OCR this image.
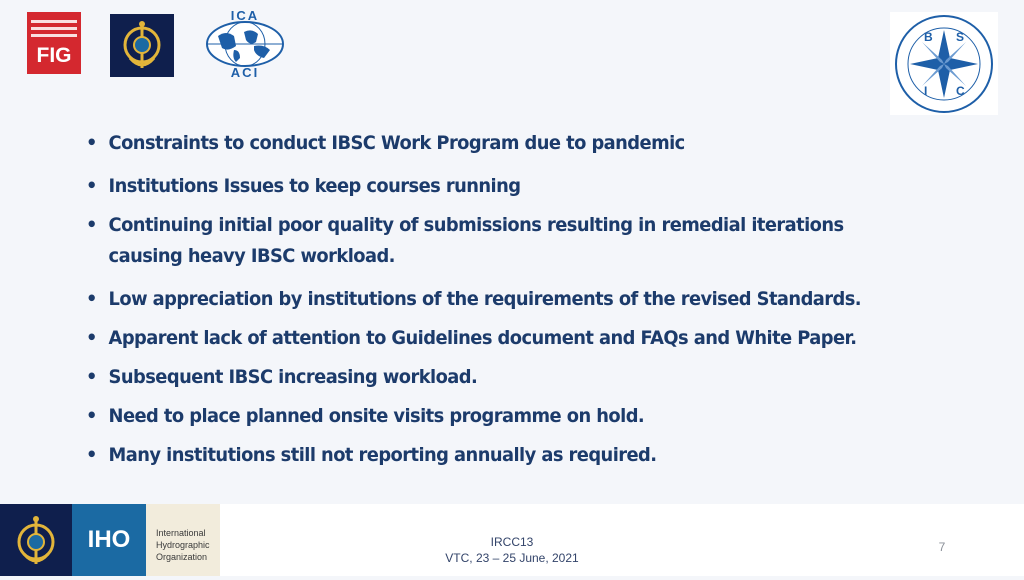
FIG
ICA
ACI
B S
I C
• Constraints to conduct IBSC Work Program due to pandemic
• Institutions Issues to keep courses running
• Continuing initial poor quality of submissions resulting in remedial iterations causing heavy IBSC workload.
• Low appreciation by institutions of the requirements of the revised Standards.
• Apparent lack of attention to Guidelines document and FAQs and White Paper.
• Subsequent IBSC increasing workload.
• Need to place planned onsite visits programme on hold.
• Many institutions still not reporting annually as required.
IHO	International
Hydrographic
Organization
IRCC13
VTC, 23 – 25 June, 2021
7
